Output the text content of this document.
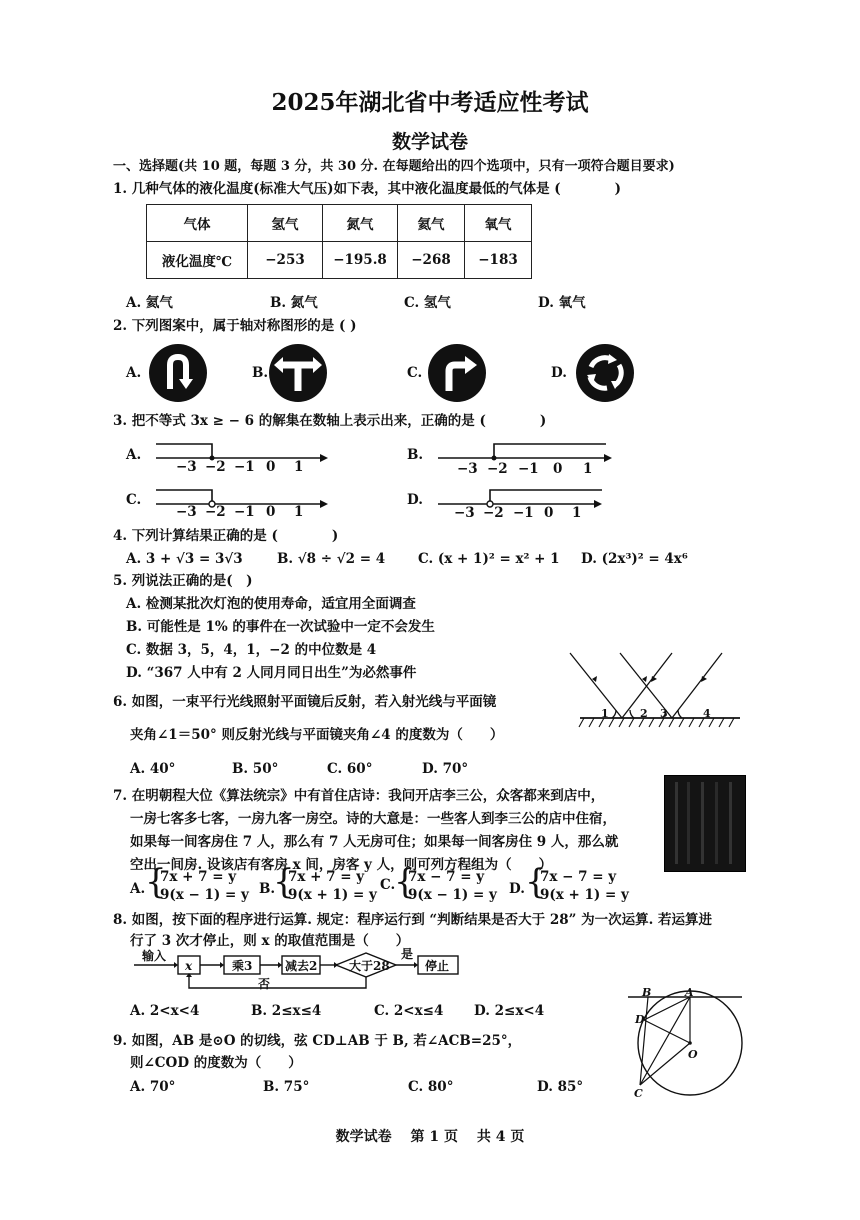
2025年湖北省中考适应性考试
数学试卷
一、选择题(共 10 题，每题 3 分，共 30 分. 在每题给出的四个选项中，只有一项符合题目要求)
1. 几种气体的液化温度(标准大气压)如下表，其中液化温度最低的气体是 (　　　　)
气体	氢气	氮气	氦气	氧气
液化温度℃	−253	−195.8	−268	−183
A. 氦气	B. 氮气	C. 氢气	D. 氧气
2. 下列图案中，属于轴对称图形的是 ( )
A.	B.	C.	D.
3. 把不等式 3x ≥ − 6 的解集在数轴上表示出来，正确的是 (　　　　)
A.	B.
C.	D.
−3 −2 −1 0 1	−3 −2 −1 0 1
−3 −2 −1 0 1	−3 −2 −1 0 1
4. 下列计算结果正确的是 (　　　　)
A. 3 + √3 = 3√3	B. √8 ÷ √2 = 4 C. (x + 1)² = x² + 1 D. (2x³)² = 4x⁶
5. 列说法正确的是(　)
A. 检测某批次灯泡的使用寿命，适宜用全面调查
B. 可能性是 1% 的事件在一次试验中一定不会发生
C. 数据 3，5，4，1，−2 的中位数是 4
D. “367 人中有 2 人同月同日出生”为必然事件
6. 如图，一束平行光线照射平面镜后反射，若入射光线与平面镜
夹角∠1＝50° 则反射光线与平面镜夹角∠4 的度数为（　　）
A. 40°	B. 50°	C. 60°	D. 70°
1	2 3	4
7. 在明朝程大位《算法统宗》中有首住店诗：我问开店李三公，众客都来到店中，
一房七客多七客，一房九客一房空。诗的大意是：一些客人到李三公的店中住宿，
如果每一间客房住 7 人，那么有 7 人无房可住；如果每一间客房住 9 人，那么就
空出一间房. 设该店有客房 x 间，房客 y 人，则可列方程组为（　　）
A. {
7x + 7 = y
9(x − 1) = y B.
{
7x + 7 = y
9(x + 1) = y
C.
{
7x − 7 = y
9(x − 1) = y D. {
7x − 7 = y
9(x + 1) = y
8. 如图，按下面的程序进行运算. 规定：程序运行到 “判断结果是否大于 28” 为一次运算. 若运算进
行了 3 次才停止，则 x 的取值范围是（　　）
输入
x	乘3	减去2	大于28
是
停止
否
A. 2<x<4	B. 2≤x≤4	C. 2<x≤4 D. 2≤x<4
9. 如图，AB 是⊙O 的切线，弦 CD⊥AB 于 B, 若∠ACB=25°，
则∠COD 的度数为（　　）
A. 70°	B. 75°	C. 80°	D. 85°
B	A
D
O
C
数学试卷　 第 1 页　 共 4 页
